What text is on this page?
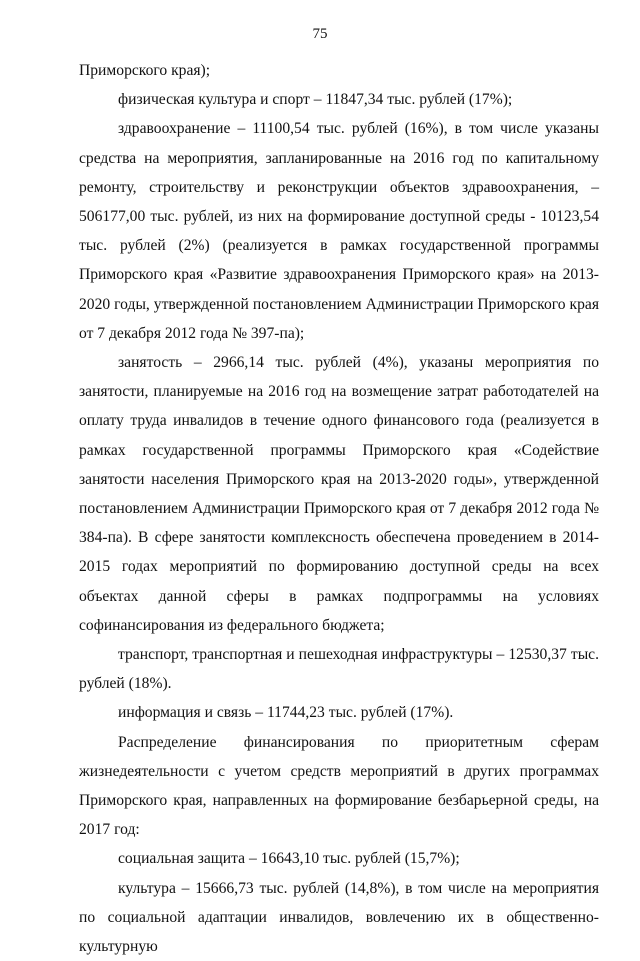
75

Приморского края);

физическая культура и спорт – 11847,34 тыс. рублей (17%);

здравоохранение – 11100,54 тыс. рублей (16%), в том числе указаны средства на мероприятия, запланированные на 2016 год по капитальному ремонту, строительству и реконструкции объектов здравоохранения, – 506177,00 тыс. рублей, из них на формирование доступной среды - 10123,54 тыс. рублей (2%) (реализуется в рамках государственной программы Приморского края «Развитие здравоохранения Приморского края» на 2013-2020 годы, утвержденной постановлением Администрации Приморского края от 7 декабря 2012 года № 397-па);

занятость – 2966,14 тыс. рублей (4%), указаны мероприятия по занятости, планируемые на 2016 год на возмещение затрат работодателей на оплату труда инвалидов в течение одного финансового года (реализуется в рамках государственной программы Приморского края «Содействие занятости населения Приморского края на 2013-2020 годы», утвержденной постановлением Администрации Приморского края от 7 декабря 2012 года № 384-па). В сфере занятости комплексность обеспечена проведением в 2014-2015 годах мероприятий по формированию доступной среды на всех объектах данной сферы в рамках подпрограммы на условиях софинансирования из федерального бюджета;

транспорт, транспортная и пешеходная инфраструктуры – 12530,37 тыс. рублей (18%).

информация и связь – 11744,23 тыс. рублей (17%).

Распределение финансирования по приоритетным сферам жизнедеятельности с учетом средств мероприятий в других программах Приморского края, направленных на формирование безбарьерной среды, на 2017 год:

социальная защита – 16643,10 тыс. рублей (15,7%);

культура – 15666,73 тыс. рублей (14,8%), в том числе на мероприятия по социальной адаптации инвалидов, вовлечению их в общественно-культурную
